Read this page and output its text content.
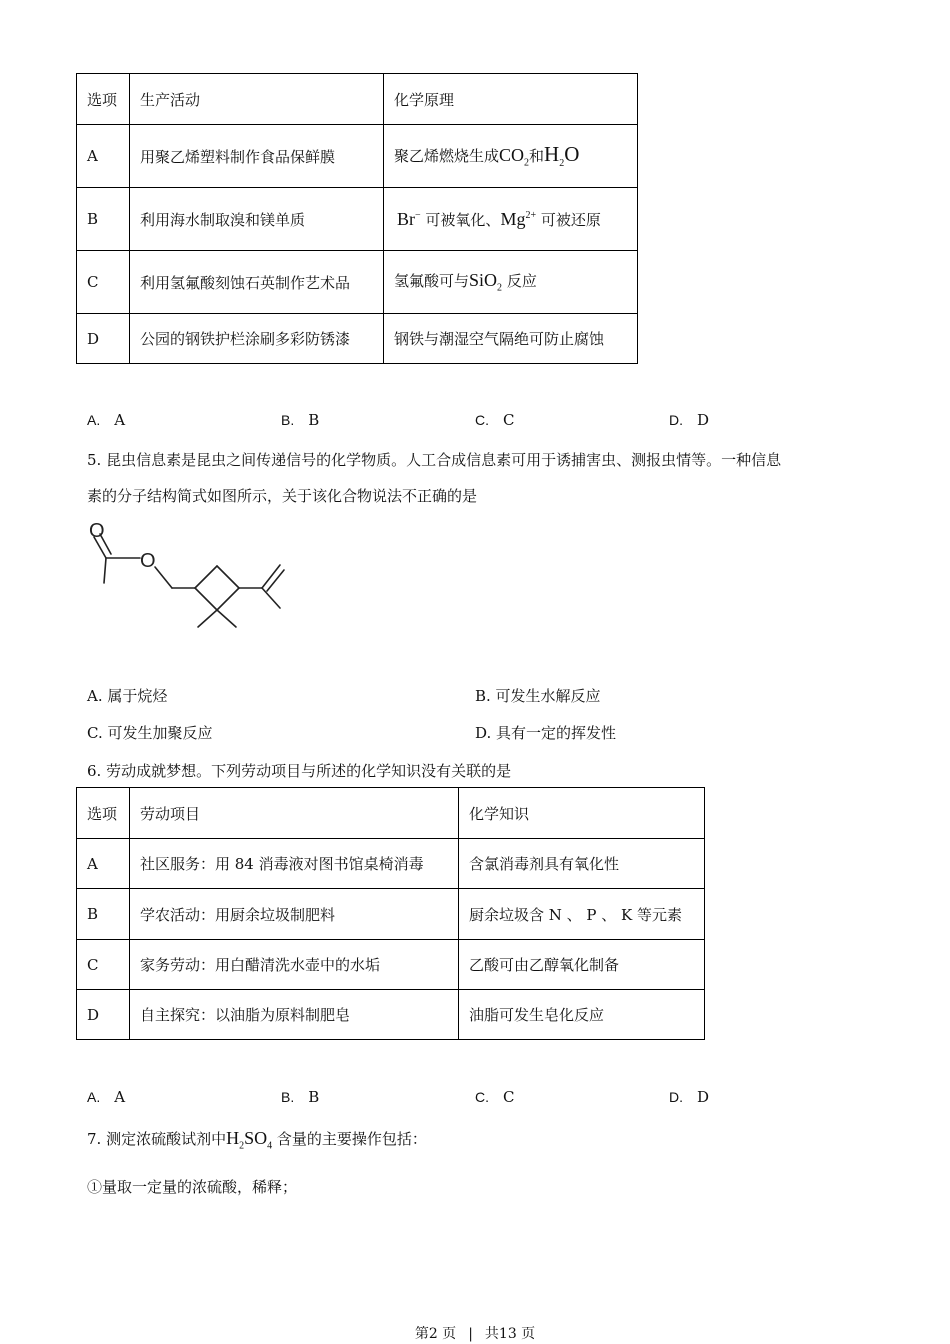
选项	生产活动	化学原理
A	用聚乙烯塑料制作食品保鲜膜	聚乙烯燃烧生成$CO_2$和$H_2O$
B	利用海水制取溴和镁单质	Br− 可被氧化、$Mg^{2+}$ 可被还原
C	利用氢氟酸刻蚀石英制作艺术品	氢氟酸可与SiO$_2$ 反应
D	公园的钢铁护栏涂刷多彩防锈漆	钢铁与潮湿空气隔绝可防止腐蚀
A. A	B. B	C. C	D. D
5. 昆虫信息素是昆虫之间传递信号的化学物质。人工合成信息素可用于诱捕害虫、测报虫情等。一种信息
素的分子结构简式如图所示，关于该化合物说法不正确的是
O
O
A. 属于烷烃	B. 可发生水解反应
C. 可发生加聚反应	D. 具有一定的挥发性
6. 劳动成就梦想。下列劳动项目与所述的化学知识没有关联的是
选项	劳动项目	化学知识
A	社区服务：用 84 消毒液对图书馆桌椅消毒	含氯消毒剂具有氧化性
B	学农活动：用厨余垃圾制肥料	厨余垃圾含 N 、 P 、 K 等元素
C	家务劳动：用白醋清洗水壶中的水垢	乙酸可由乙醇氧化制备
D	自主探究：以油脂为原料制肥皂	油脂可发生皂化反应
A. A	B. B	C. C	D. D
7. 测定浓硫酸试剂中$H_2SO_4$ 含量的主要操作包括：
①量取一定量的浓硫酸，稀释；
第2 页 | 共13 页
